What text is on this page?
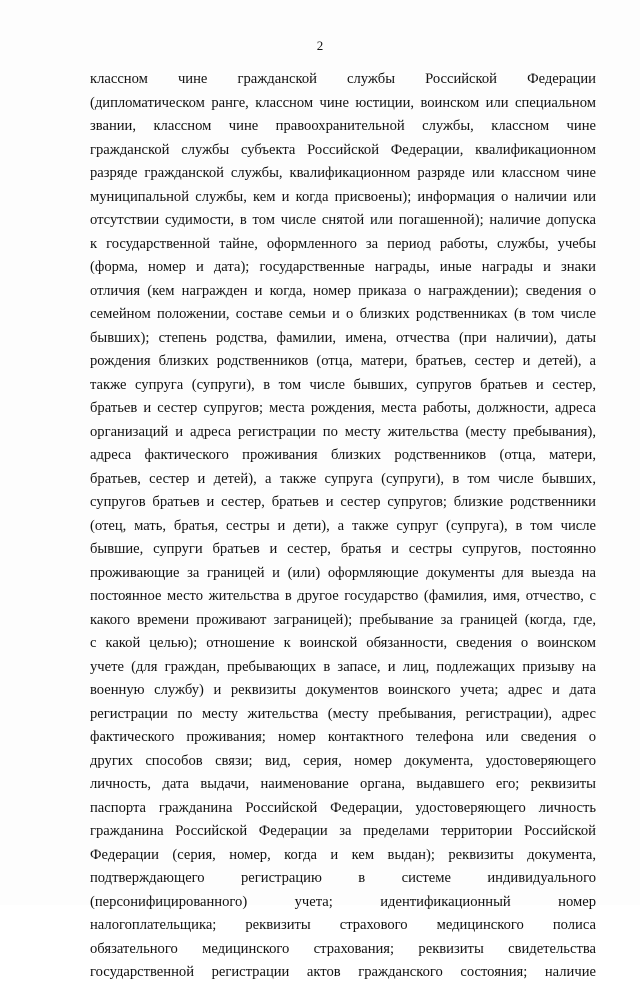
2
классном чине гражданской службы Российской Федерации
(дипломатическом ранге, классном чине юстиции, воинском или специальном
звании, классном чине правоохранительной службы, классном чине
гражданской службы субъекта Российской Федерации, квалификационном
разряде гражданской службы, квалификационном разряде или классном чине
муниципальной службы, кем и когда присвоены); информация о наличии или
отсутствии судимости, в том числе снятой или погашенной); наличие допуска
к государственной тайне, оформленного за период работы, службы, учебы
(форма, номер и дата); государственные награды, иные награды и знаки
отличия (кем награжден и когда, номер приказа о награждении); сведения о
семейном положении, составе семьи и о близких родственниках (в том числе
бывших); степень родства, фамилии, имена, отчества (при наличии), даты
рождения близких родственников (отца, матери, братьев, сестер и детей), а
также супруга (супруги), в том числе бывших, супругов братьев и сестер,
братьев и сестер супругов; места рождения, места работы, должности, адреса
организаций и адреса регистрации по месту жительства (месту пребывания),
адреса фактического проживания близких родственников (отца, матери,
братьев, сестер и детей), а также супруга (супруги), в том числе бывших,
супругов братьев и сестер, братьев и сестер супругов; близкие родственники
(отец, мать, братья, сестры и дети), а также супруг (супруга), в том числе
бывшие, супруги братьев и сестер, братья и сестры супругов, постоянно
проживающие за границей и (или) оформляющие документы для выезда на
постоянное место жительства в другое государство (фамилия, имя, отчество, с
какого времени проживают заграницей); пребывание за границей (когда, где,
с какой целью); отношение к воинской обязанности, сведения о воинском
учете (для граждан, пребывающих в запасе, и лиц, подлежащих призыву на
военную службу) и реквизиты документов воинского учета; адрес и дата
регистрации по месту жительства (месту пребывания, регистрации), адрес
фактического проживания; номер контактного телефона или сведения о
других способов связи; вид, серия, номер документа, удостоверяющего
личность, дата выдачи, наименование органа, выдавшего его; реквизиты
паспорта гражданина Российской Федерации, удостоверяющего личность
гражданина Российской Федерации за пределами территории Российской
Федерации (серия, номер, когда и кем выдан); реквизиты документа,
подтверждающего регистрацию в системе индивидуального
(персонифицированного) учета; идентификационный номер
налогоплательщика; реквизиты страхового медицинского полиса
обязательного медицинского страхования; реквизиты свидетельства
государственной регистрации актов гражданского состояния; наличие
